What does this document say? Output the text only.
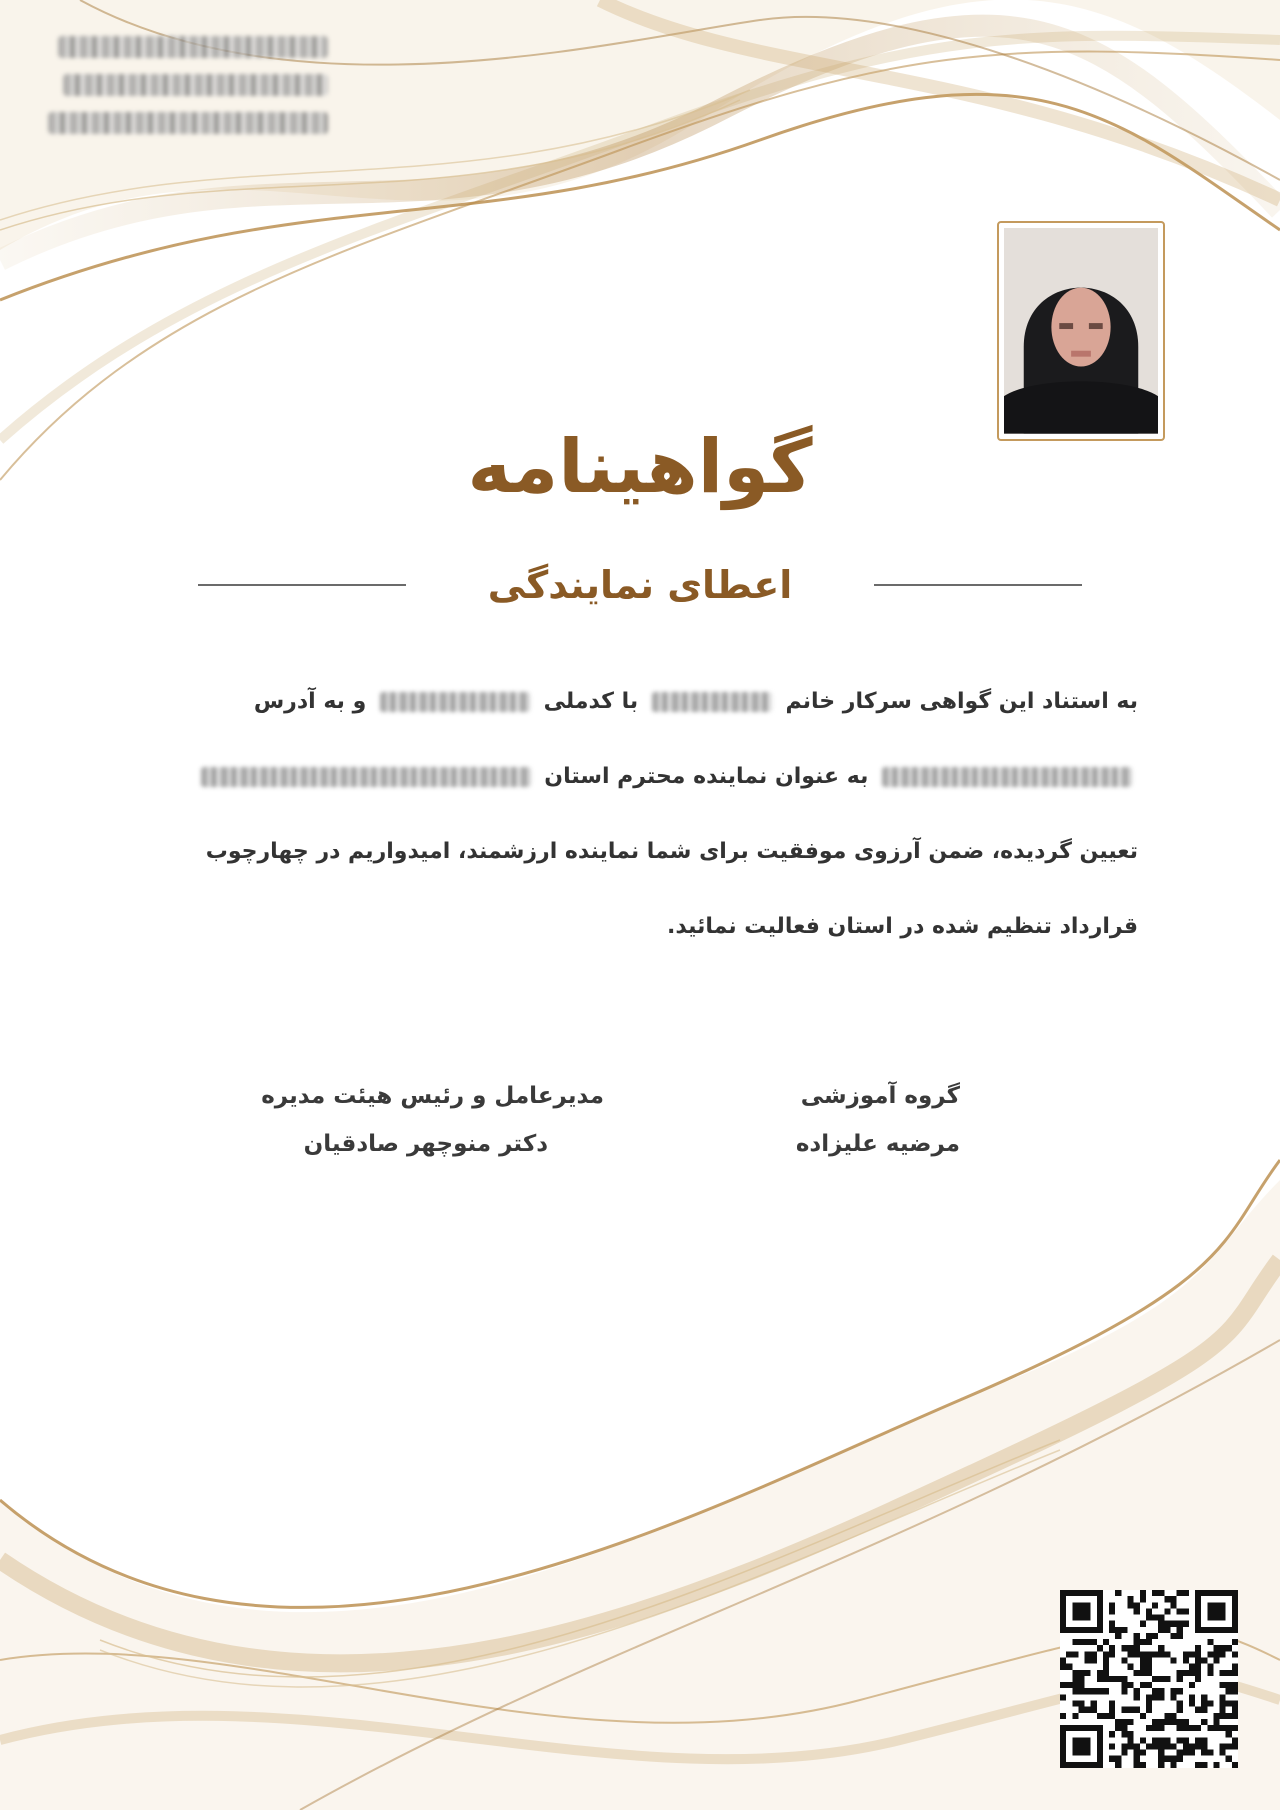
گواهینامه
اعطای نمایندگی

به استناد این گواهی سرکار خانم  با کدملی  و به آدرس

به عنوان نماینده محترم استان

تعیین گردیده، ضمن آرزوی موفقیت برای شما نماینده ارزشمند، امیدواریم در چهارچوب

قرارداد تنظیم شده در استان فعالیت نمائید.

مدیرعامل و رئیس هیئت مدیره
دکتر منوچهر صادقیان
گروه آموزشی
مرضیه علیزاده
